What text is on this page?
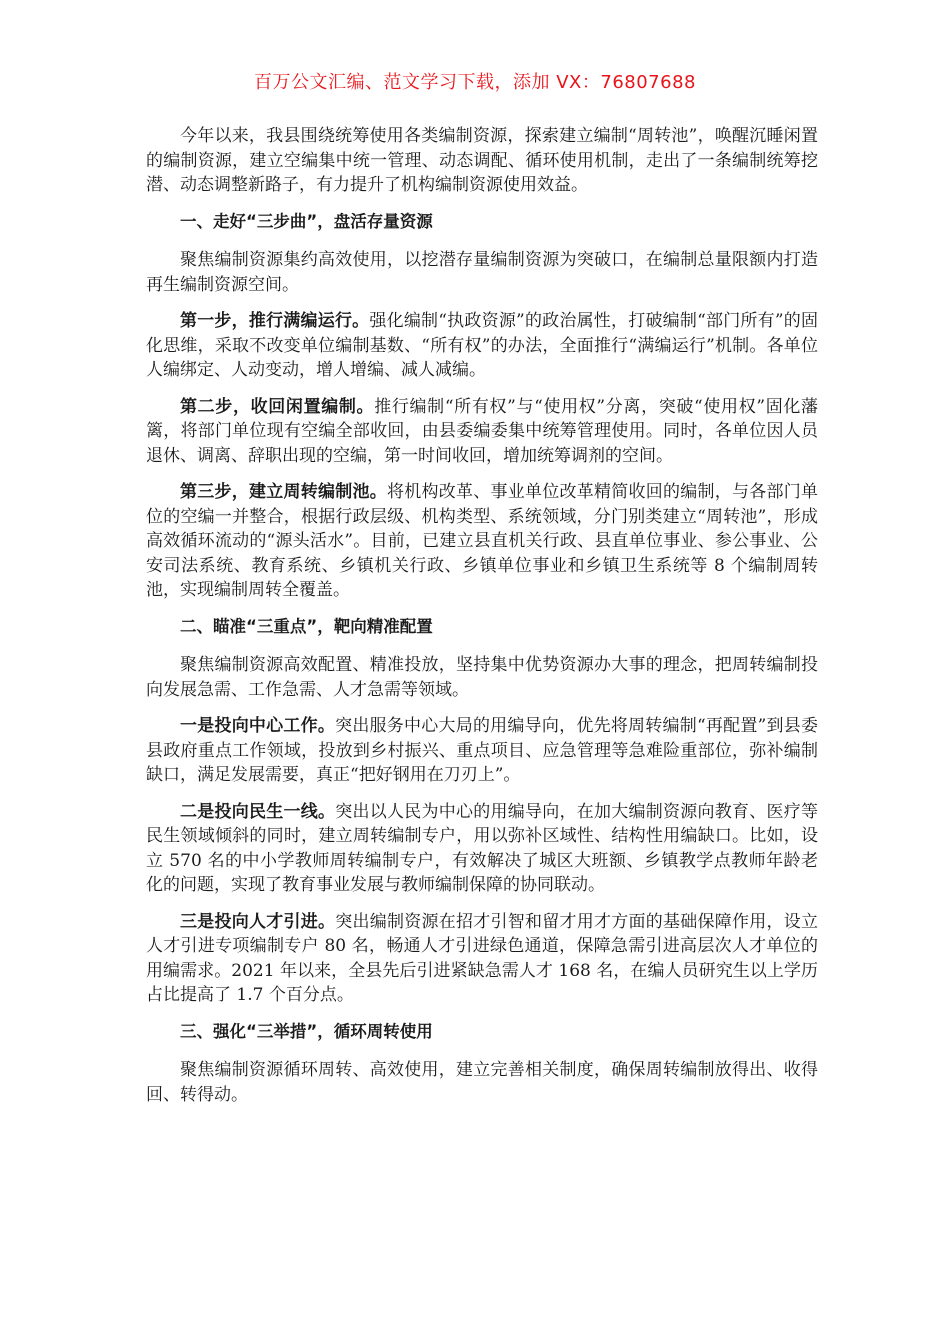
百万公文汇编、范文学习下载，添加 VX：76807688

今年以来，我县围绕统筹使用各类编制资源，探索建立编制“周转池”，唤醒沉睡闲置的编制资源，建立空编集中统一管理、动态调配、循环使用机制，走出了一条编制统筹挖潜、动态调整新路子，有力提升了机构编制资源使用效益。

一、走好“三步曲”，盘活存量资源

聚焦编制资源集约高效使用，以挖潜存量编制资源为突破口，在编制总量限额内打造再生编制资源空间。

第一步，推行满编运行。强化编制“执政资源”的政治属性，打破编制“部门所有”的固化思维，采取不改变单位编制基数、“所有权”的办法，全面推行“满编运行”机制。各单位人编绑定、人动变动，增人增编、减人减编。

第二步，收回闲置编制。推行编制“所有权”与“使用权”分离，突破“使用权”固化藩篱，将部门单位现有空编全部收回，由县委编委集中统筹管理使用。同时，各单位因人员退休、调离、辞职出现的空编，第一时间收回，增加统筹调剂的空间。

第三步，建立周转编制池。将机构改革、事业单位改革精简收回的编制，与各部门单位的空编一并整合，根据行政层级、机构类型、系统领域，分门别类建立“周转池”，形成高效循环流动的“源头活水”。目前，已建立县直机关行政、县直单位事业、参公事业、公安司法系统、教育系统、乡镇机关行政、乡镇单位事业和乡镇卫生系统等 8 个编制周转池，实现编制周转全覆盖。

二、瞄准“三重点”，靶向精准配置

聚焦编制资源高效配置、精准投放，坚持集中优势资源办大事的理念，把周转编制投向发展急需、工作急需、人才急需等领域。

一是投向中心工作。突出服务中心大局的用编导向，优先将周转编制“再配置”到县委县政府重点工作领域，投放到乡村振兴、重点项目、应急管理等急难险重部位，弥补编制缺口，满足发展需要，真正“把好钢用在刀刃上”。

二是投向民生一线。突出以人民为中心的用编导向，在加大编制资源向教育、医疗等民生领域倾斜的同时，建立周转编制专户，用以弥补区域性、结构性用编缺口。比如，设立 570 名的中小学教师周转编制专户，有效解决了城区大班额、乡镇教学点教师年龄老化的问题，实现了教育事业发展与教师编制保障的协同联动。

三是投向人才引进。突出编制资源在招才引智和留才用才方面的基础保障作用，设立人才引进专项编制专户 80 名，畅通人才引进绿色通道，保障急需引进高层次人才单位的用编需求。2021 年以来，全县先后引进紧缺急需人才 168 名，在编人员研究生以上学历占比提高了 1.7 个百分点。

三、强化“三举措”，循环周转使用

聚焦编制资源循环周转、高效使用，建立完善相关制度，确保周转编制放得出、收得回、转得动。
